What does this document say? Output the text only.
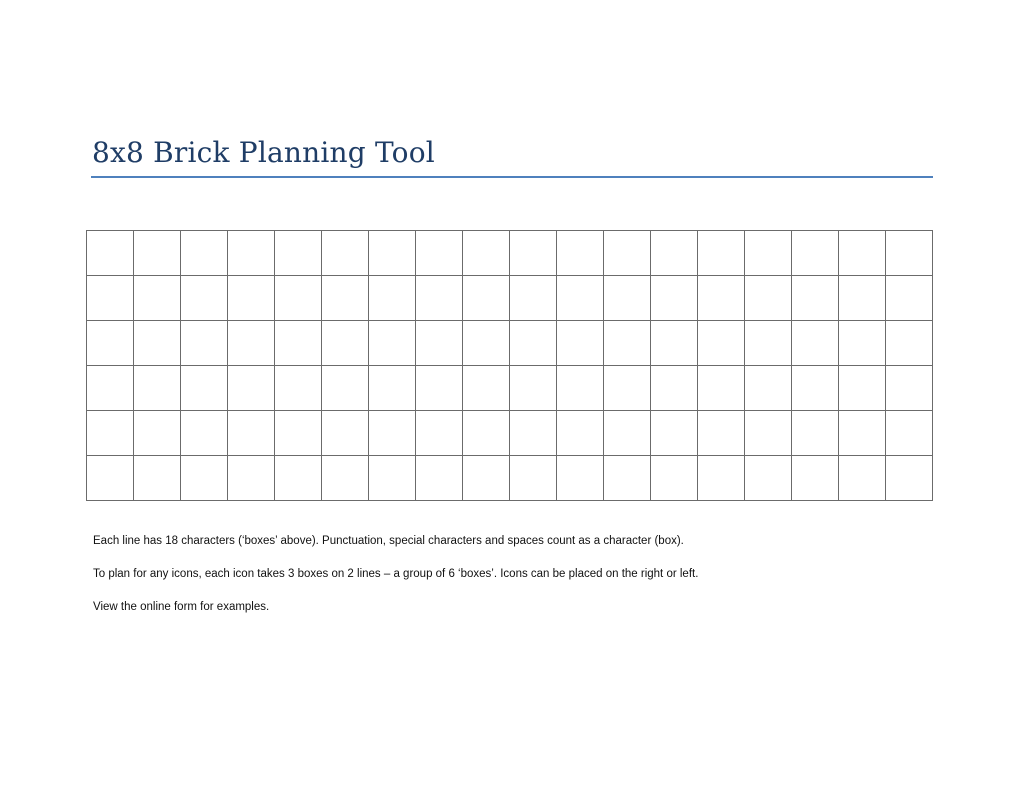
8x8 Brick Planning Tool

Each line has 18 characters (‘boxes’ above). Punctuation, special characters and spaces count as a character (box).

To plan for any icons, each icon takes 3 boxes on 2 lines – a group of 6 ‘boxes’. Icons can be placed on the right or left.

View the online form for examples.
